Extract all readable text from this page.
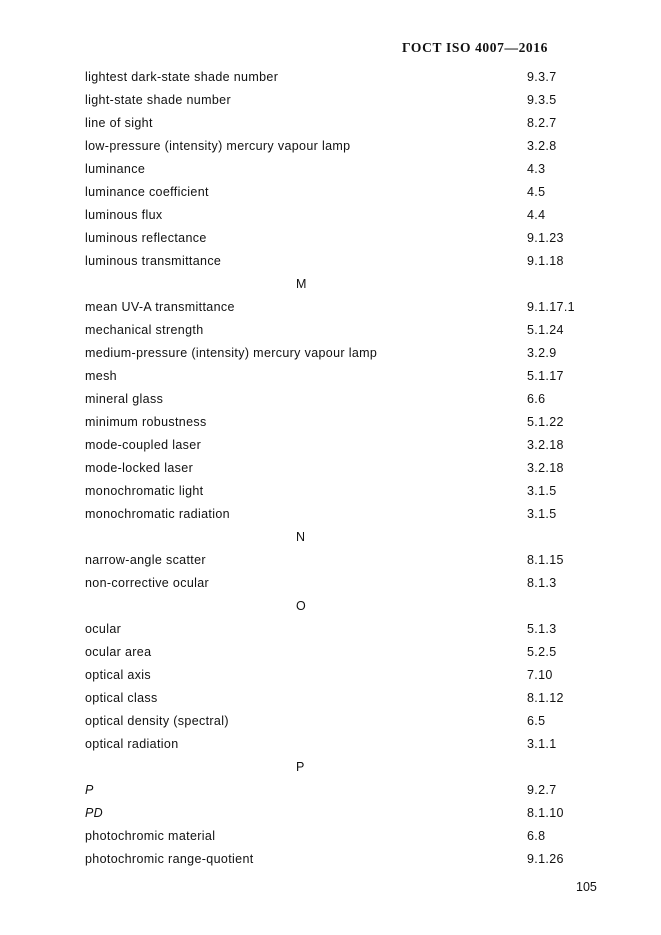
ГОСТ ISO 4007—2016
lightest dark-state shade number	9.3.7
light-state shade number	9.3.5
line of sight	8.2.7
low-pressure (intensity) mercury vapour lamp	3.2.8
luminance	4.3
luminance coefficient	4.5
luminous flux	4.4
luminous reflectance	9.1.23
luminous transmittance	9.1.18
M
mean UV-A transmittance	9.1.17.1
mechanical strength	5.1.24
medium-pressure (intensity) mercury vapour lamp	3.2.9
mesh	5.1.17
mineral glass	6.6
minimum robustness	5.1.22
mode-coupled laser	3.2.18
mode-locked laser	3.2.18
monochromatic light	3.1.5
monochromatic radiation	3.1.5
N
narrow-angle scatter	8.1.15
non-corrective ocular	8.1.3
O
ocular	5.1.3
ocular area	5.2.5
optical axis	7.10
optical class	8.1.12
optical density (spectral)	6.5
optical radiation	3.1.1
P
P	9.2.7
PD	8.1.10
photochromic material	6.8
photochromic range-quotient	9.1.26
105
